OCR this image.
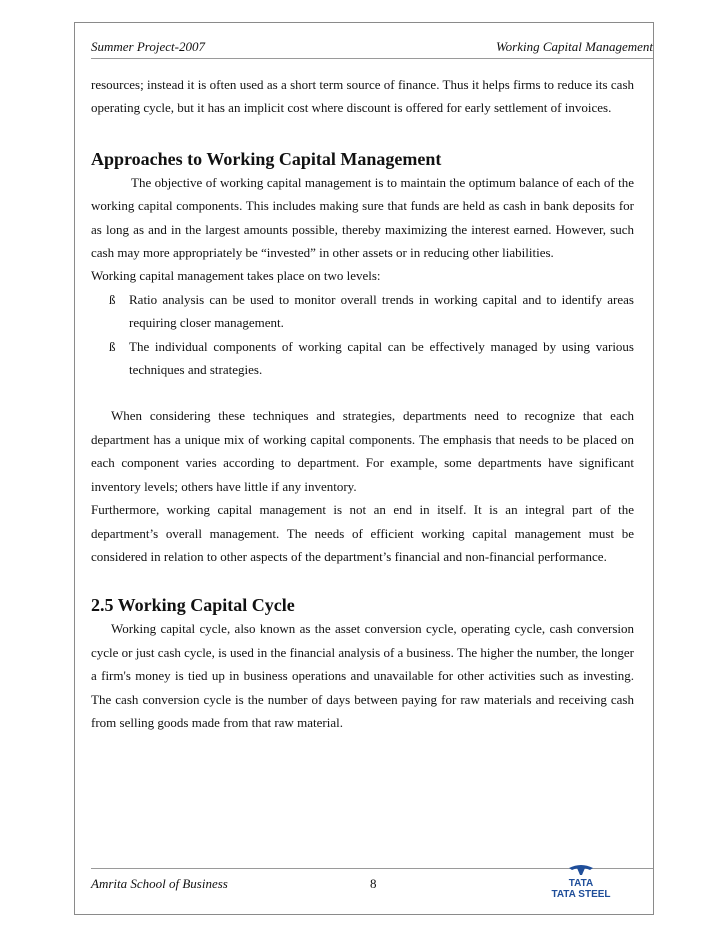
Summer Project-2007	Working Capital Management

resources; instead it is often used as a short term source of finance. Thus it helps firms to reduce its cash operating cycle, but it has an implicit cost where discount is offered for early settlement of invoices.

Approaches to Working Capital Management

The objective of working capital management is to maintain the optimum balance of each of the working capital components. This includes making sure that funds are held as cash in bank deposits for as long as and in the largest amounts possible, thereby maximizing the interest earned. However, such cash may more appropriately be “invested” in other assets or in reducing other liabilities.

Working capital management takes place on two levels:

ß Ratio analysis can be used to monitor overall trends in working capital and to identify areas requiring closer management.
ß The individual components of working capital can be effectively managed by using various techniques and strategies.

When considering these techniques and strategies, departments need to recognize that each department has a unique mix of working capital components. The emphasis that needs to be placed on each component varies according to department. For example, some departments have significant inventory levels; others have little if any inventory.

Furthermore, working capital management is not an end in itself. It is an integral part of the department’s overall management. The needs of efficient working capital management must be considered in relation to other aspects of the department’s financial and non-financial performance.

2.5 Working Capital Cycle

Working capital cycle, also known as the asset conversion cycle, operating cycle, cash conversion cycle or just cash cycle, is used in the financial analysis of a business. The higher the number, the longer a firm's money is tied up in business operations and unavailable for other activities such as investing. The cash conversion cycle is the number of days between paying for raw materials and receiving cash from selling goods made from that raw material.

Amrita School of Business	8	TATA
TATA STEEL
